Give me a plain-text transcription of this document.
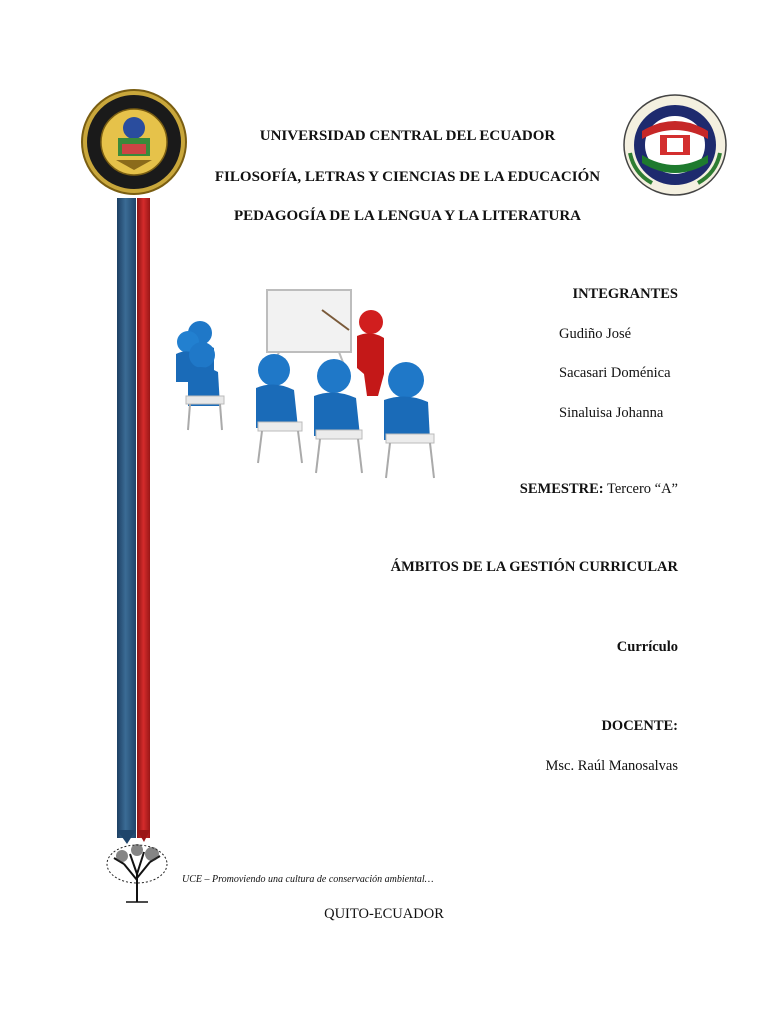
UNIVERSIDAD CENTRAL DEL ECUADOR
FILOSOFÍA, LETRAS Y CIENCIAS DE LA EDUCACIÓN
PEDAGOGÍA DE LA LENGUA Y LA LITERATURA
INTEGRANTES
Gudiño José
Sacasari Doménica
Sinaluisa Johanna
SEMESTRE: Tercero “A”
ÁMBITOS DE LA GESTIÓN CURRICULAR
Currículo
DOCENTE:
Msc. Raúl Manosalvas
UCE – Promoviendo una cultura de conservación ambiental…
QUITO-ECUADOR
